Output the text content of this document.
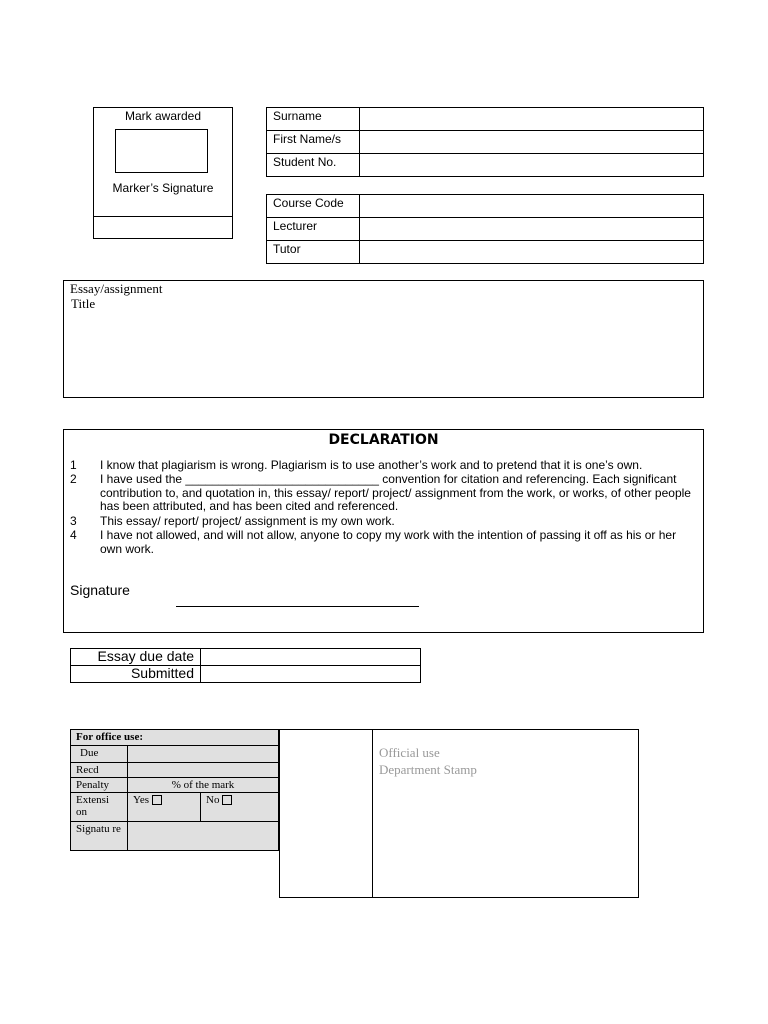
Mark awarded
Marker’s Signature
Surname	
First Name/s	
Student No.	
Course Code	
Lecturer	
Tutor	
Essay/assignment
Title
DECLARATION
1	I know that plagiarism is wrong. Plagiarism is to use another’s work and to pretend that it is one’s own.
2	I have used the _____________________________ convention for citation and referencing. Each significant contribution to, and quotation in, this essay/ report/ project/ assignment from the work, or works, of other people has been attributed, and has been cited and referenced.
3	This essay/ report/ project/ assignment is my own work.
4	I have not allowed, and will not allow, anyone to copy my work with the intention of passing it off as his or her own work.
Signature
Essay due date	
Submitted	
For office use:		
Due		
Recd		
Penalty	% of the mark	
Extensi on	Yes	No
Signatu re		
Official use
Department Stamp
